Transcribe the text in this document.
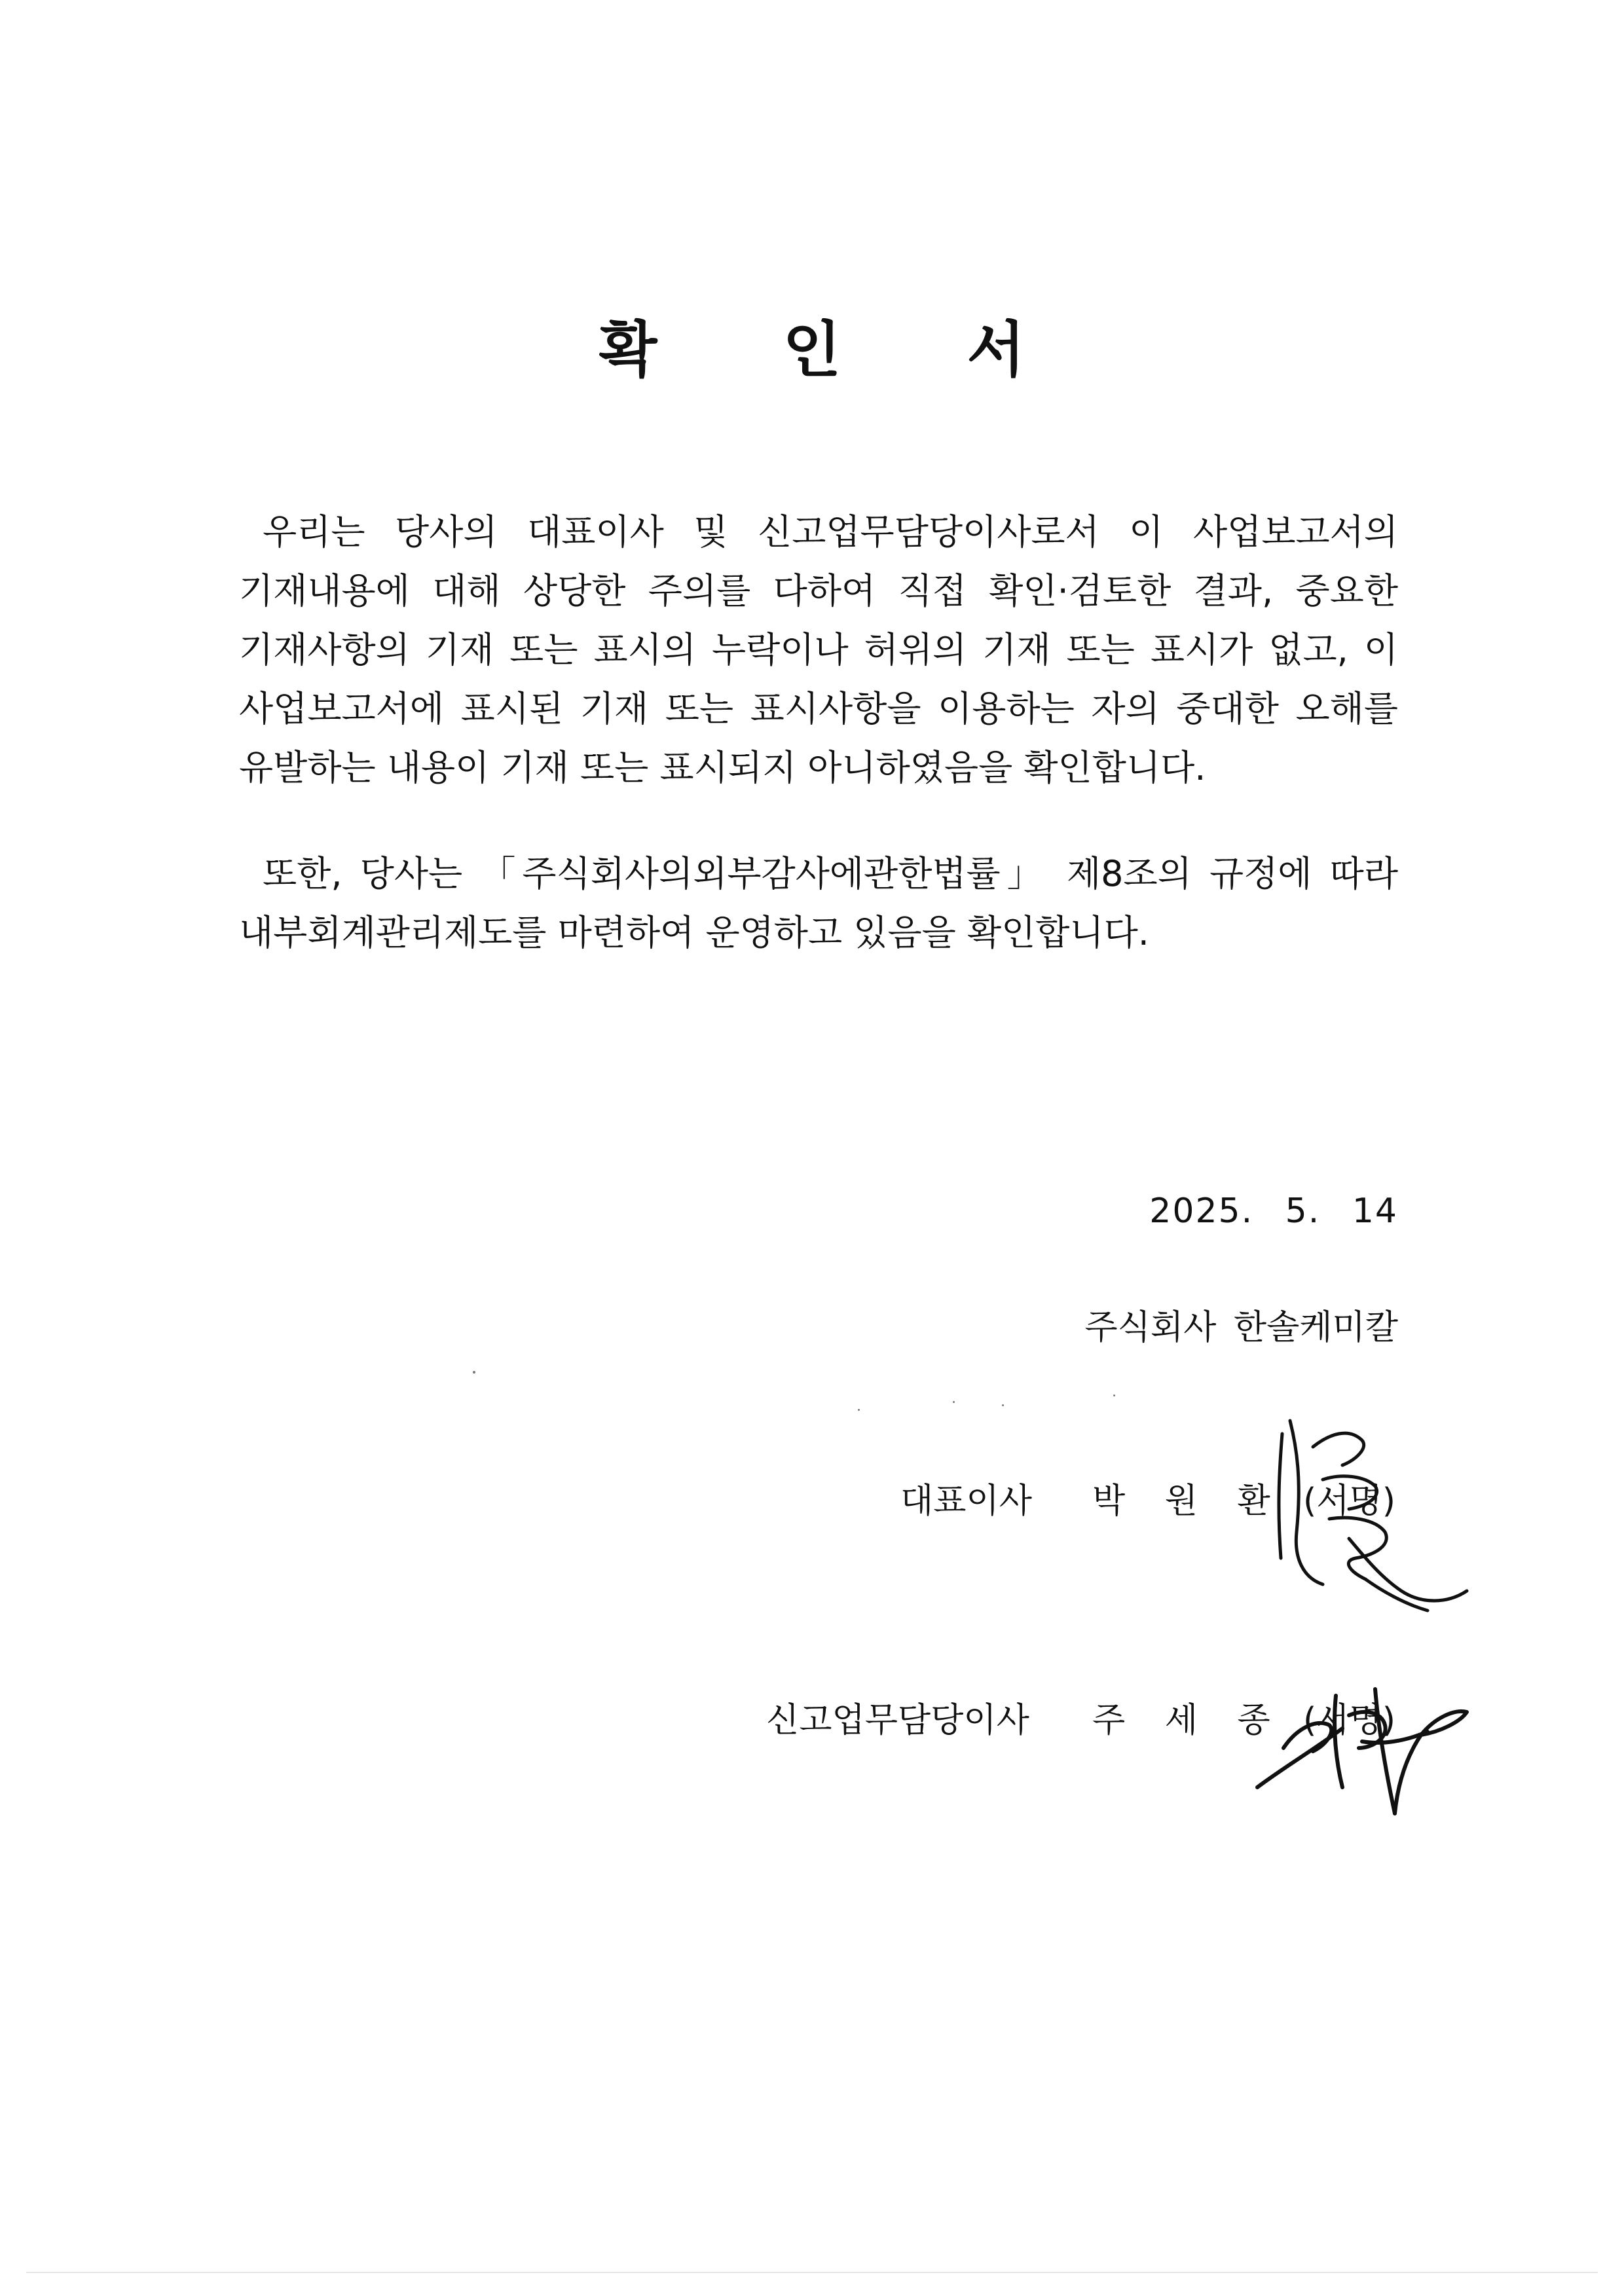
확 인 서

우리는 당사의 대표이사 및 신고업무담당이사로서 이 사업보고서의 기재내용에 대해 상당한 주의를 다하여 직접 확인·검토한 결과, 중요한 기재사항의 기재 또는 표시의 누락이나 허위의 기재 또는 표시가 없고, 이 사업보고서에 표시된 기재 또는 표시사항을 이용하는 자의 중대한 오해를 유발하는 내용이 기재 또는 표시되지 아니하였음을 확인합니다.

또한, 당사는 「주식회사의외부감사에관한법률」 제8조의 규정에 따라 내부회계관리제도를 마련하여 운영하고 있음을 확인합니다.

2025. 5. 14
주식회사 한솔케미칼
대표이사 박 원 환 (서명)
신고업무담당이사 주 세 종 (서명)
